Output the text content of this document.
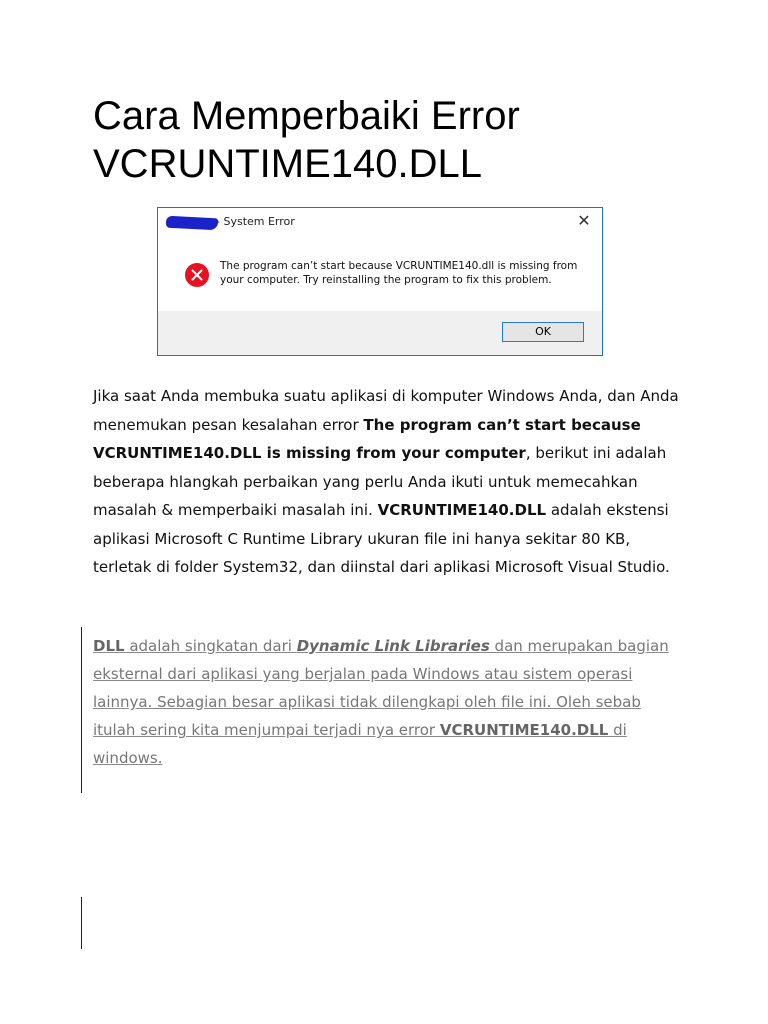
Cara Memperbaiki Error
VCRUNTIME140.DLL
- System Error	✕
The program can’t start because VCRUNTIME140.dll is missing from
your computer. Try reinstalling the program to fix this problem.
OK

Jika saat Anda membuka suatu aplikasi di komputer Windows Anda, dan Anda menemukan pesan kesalahan error The program can’t start because VCRUNTIME140.DLL is missing from your computer, berikut ini adalah beberapa hlangkah perbaikan yang perlu Anda ikuti untuk memecahkan masalah & memperbaiki masalah ini. VCRUNTIME140.DLL adalah ekstensi aplikasi Microsoft C Runtime Library ukuran file ini hanya sekitar 80 KB, terletak di folder System32, dan diinstal dari aplikasi Microsoft Visual Studio.

DLL adalah singkatan dari Dynamic Link Libraries dan merupakan bagian eksternal dari aplikasi yang berjalan pada Windows atau sistem operasi lainnya. Sebagian besar aplikasi tidak dilengkapi oleh file ini. Oleh sebab itulah sering kita menjumpai terjadi nya error VCRUNTIME140.DLL di windows.
